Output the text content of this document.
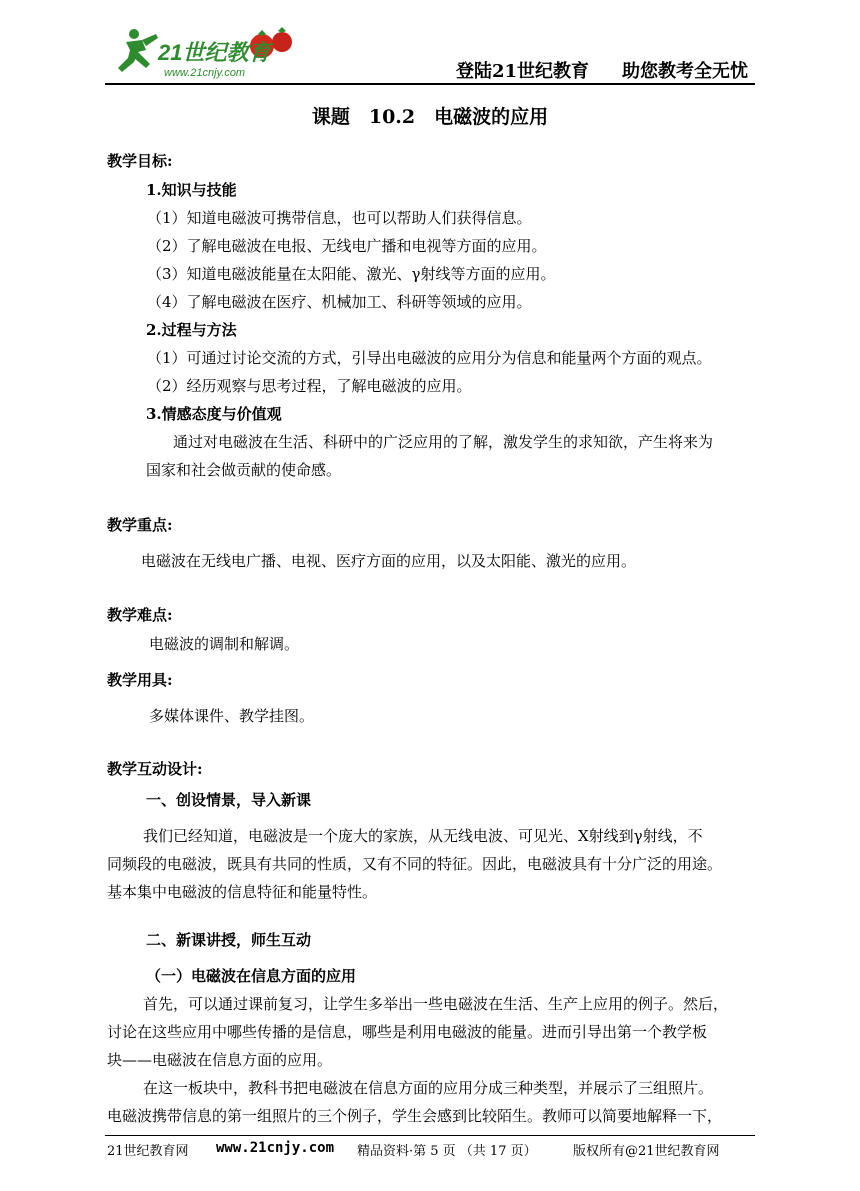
21世纪教育
www.21cnjy.com	登陆21世纪教育 助您教考全无忧
课题　10.2　电磁波的应用
教学目标:
1.知识与技能
（1）知道电磁波可携带信息，也可以帮助人们获得信息。
（2）了解电磁波在电报、无线电广播和电视等方面的应用。
（3）知道电磁波能量在太阳能、激光、γ射线等方面的应用。
（4）了解电磁波在医疗、机械加工、科研等领域的应用。
2.过程与方法
（1）可通过讨论交流的方式，引导出电磁波的应用分为信息和能量两个方面的观点。
（2）经历观察与思考过程，了解电磁波的应用。
3.情感态度与价值观
通过对电磁波在生活、科研中的广泛应用的了解，激发学生的求知欲，产生将来为
国家和社会做贡献的使命感。
教学重点:
电磁波在无线电广播、电视、医疗方面的应用，以及太阳能、激光的应用。
教学难点:
电磁波的调制和解调。
教学用具:
多媒体课件、教学挂图。
教学互动设计:
一、创设情景，导入新课
我们已经知道，电磁波是一个庞大的家族，从无线电波、可见光、X射线到γ射线，不
同频段的电磁波，既具有共同的性质，又有不同的特征。因此，电磁波具有十分广泛的用途。
基本集中电磁波的信息特征和能量特性。
二、新课讲授，师生互动
（一）电磁波在信息方面的应用
首先，可以通过课前复习，让学生多举出一些电磁波在生活、生产上应用的例子。然后，
讨论在这些应用中哪些传播的是信息，哪些是利用电磁波的能量。进而引导出第一个教学板
块——电磁波在信息方面的应用。
在这一板块中，教科书把电磁波在信息方面的应用分成三种类型，并展示了三组照片。
电磁波携带信息的第一组照片的三个例子，学生会感到比较陌生。教师可以简要地解释一下，
21世纪教育网 www.21cnjy.com 精品资料·第 5 页 （共 17 页）	版权所有@21世纪教育网
